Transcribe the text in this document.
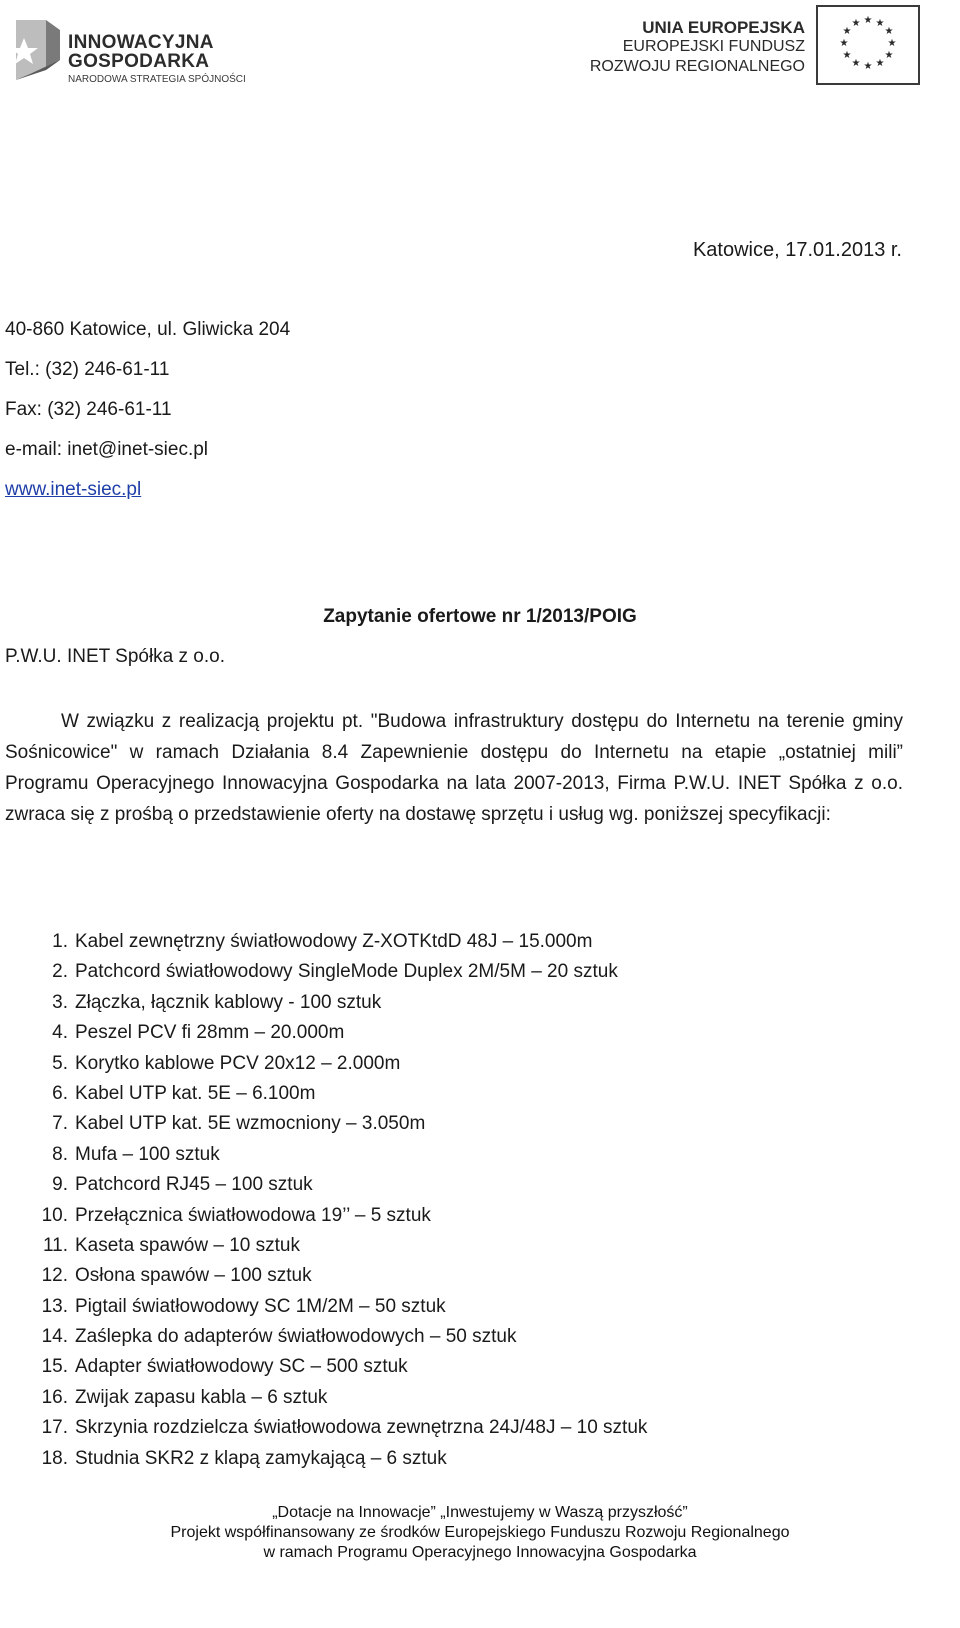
INNOWACYJNA
GOSPODARKA
NARODOWA STRATEGIA SPÓJNOŚCI
UNIA EUROPEJSKA
EUROPEJSKI FUNDUSZ
ROZWOJU REGIONALNEGO
★ ★
★
★
★
★
★
★
★
★
★
★
Katowice, 17.01.2013 r.
P.W.U. INET Spółka z o.o.
40-860 Katowice, ul. Gliwicka 204
Tel.: (32) 246-61-11
Fax: (32) 246-61-11
e-mail: inet@inet-siec.pl
www.inet-siec.pl
Zapytanie ofertowe nr 1/2013/POIG
W związku z realizacją projektu pt. "Budowa infrastruktury dostępu do Internetu na terenie gminy Sośnicowice" w ramach Działania 8.4 Zapewnienie dostępu do Internetu na etapie „ostatniej mili” Programu Operacyjnego Innowacyjna Gospodarka na lata 2007-2013, Firma P.W.U. INET Spółka z o.o. zwraca się z prośbą o przedstawienie oferty na dostawę sprzętu i usług wg. poniższej specyfikacji:
1. Kabel zewnętrzny światłowodowy Z-XOTKtdD 48J – 15.000m
2. Patchcord światłowodowy SingleMode Duplex 2M/5M – 20 sztuk
3. Złączka, łącznik kablowy - 100 sztuk
4. Peszel PCV fi 28mm – 20.000m
5. Korytko kablowe PCV 20x12 – 2.000m
6. Kabel UTP kat. 5E – 6.100m
7. Kabel UTP kat. 5E wzmocniony – 3.050m
8. Mufa – 100 sztuk
9. Patchcord RJ45 – 100 sztuk
10. Przełącznica światłowodowa 19’’ – 5 sztuk
11. Kaseta spawów – 10 sztuk
12. Osłona spawów – 100 sztuk
13. Pigtail światłowodowy SC 1M/2M – 50 sztuk
14. Zaślepka do adapterów światłowodowych – 50 sztuk
15. Adapter światłowodowy SC – 500 sztuk
16. Zwijak zapasu kabla – 6 sztuk
17. Skrzynia rozdzielcza światłowodowa zewnętrzna 24J/48J – 10 sztuk
18. Studnia SKR2 z klapą zamykającą – 6 sztuk
„Dotacje na Innowacje” „Inwestujemy w Waszą przyszłość”
Projekt współfinansowany ze środków Europejskiego Funduszu Rozwoju Regionalnego
w ramach Programu Operacyjnego Innowacyjna Gospodarka
